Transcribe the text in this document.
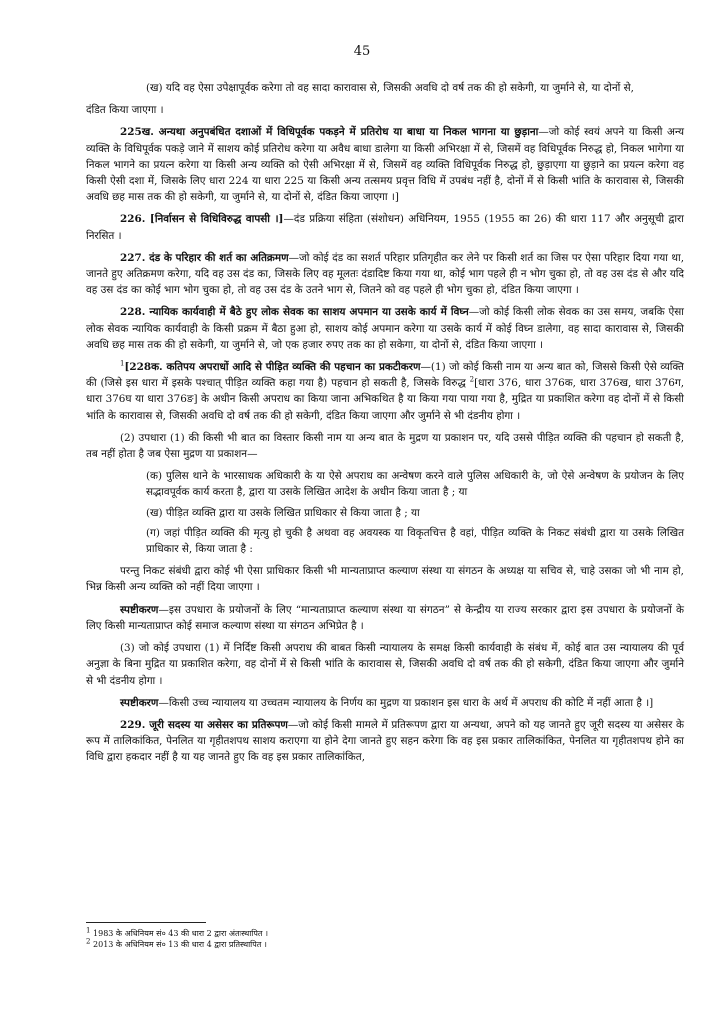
45

(ख) यदि वह ऐसा उपेक्षापूर्वक करेगा तो वह सादा कारावास से, जिसकी अवधि दो वर्ष तक की हो सकेगी, या जुर्माने से, या दोनों से,

दंडित किया जाएगा ।

225ख. अन्यथा अनुपबंधित दशाओं में विधिपूर्वक पकड़ने में प्रतिरोध या बाधा या निकल भागना या छुड़ाना—जो कोई स्वयं अपने या किसी अन्य व्यक्ति के विधिपूर्वक पकड़े जाने में साशय कोई प्रतिरोध करेगा या अवैध बाधा डालेगा या किसी अभिरक्षा में से, जिसमें वह विधिपूर्वक निरुद्ध हो, निकल भागेगा या निकल भागने का प्रयत्न करेगा या किसी अन्य व्यक्ति को ऐसी अभिरक्षा में से, जिसमें वह व्यक्ति विधिपूर्वक निरुद्ध हो, छुड़ाएगा या छुड़ाने का प्रयत्न करेगा वह किसी ऐसी दशा में, जिसके लिए धारा 224 या धारा 225 या किसी अन्य तत्समय प्रवृत्त विधि में उपबंध नहीं है, दोनों में से किसी भांति के कारावास से, जिसकी अवधि छह मास तक की हो सकेगी, या जुर्माने से, या दोनों से, दंडित किया जाएगा ।]

226. [निर्वासन से विधिविरुद्ध वापसी ।]—दंड प्रक्रिया संहिता (संशोधन) अधिनियम, 1955 (1955 का 26) की धारा 117 और अनुसूची द्वारा निरसित ।

227. दंड के परिहार की शर्त का अतिक्रमण—जो कोई दंड का सशर्त परिहार प्रतिगृहीत कर लेने पर किसी शर्त का जिस पर ऐसा परिहार दिया गया था, जानते हुए अतिक्रमण करेगा, यदि वह उस दंड का, जिसके लिए वह मूलतः दंडादिष्ट किया गया था, कोई भाग पहले ही न भोग चुका हो, तो वह उस दंड से और यदि वह उस दंड का कोई भाग भोग चुका हो, तो वह उस दंड के उतने भाग से, जितने को वह पहले ही भोग चुका हो, दंडित किया जाएगा ।

228. न्यायिक कार्यवाही में बैठे हुए लोक सेवक का साशय अपमान या उसके कार्य में विघ्न—जो कोई किसी लोक सेवक का उस समय, जबकि ऐसा लोक सेवक न्यायिक कार्यवाही के किसी प्रक्रम में बैठा हुआ हो, साशय कोई अपमान करेगा या उसके कार्य में कोई विघ्न डालेगा, वह सादा कारावास से, जिसकी अवधि छह मास तक की हो सकेगी, या जुर्माने से, जो एक हजार रुपए तक का हो सकेगा, या दोनों से, दंडित किया जाएगा ।

$^1$[228क. कतिपय अपराधों आदि से पीड़ित व्यक्ति की पहचान का प्रकटीकरण—(1) जो कोई किसी नाम या अन्य बात को, जिससे किसी ऐसे व्यक्ति की (जिसे इस धारा में इसके पश्चात् पीड़ित व्यक्ति कहा गया है) पहचान हो सकती है, जिसके विरुद्ध $^2$[धारा 376, धारा 376क, धारा 376ख, धारा 376ग, धारा 376घ या धारा 376ङ] के अधीन किसी अपराध का किया जाना अभिकथित है या किया गया पाया गया है, मुद्रित या प्रकाशित करेगा वह दोनों में से किसी भांति के कारावास से, जिसकी अवधि दो वर्ष तक की हो सकेगी, दंडित किया जाएगा और जुर्माने से भी दंडनीय होगा ।

(2) उपधारा (1) की किसी भी बात का विस्तार किसी नाम या अन्य बात के मुद्रण या प्रकाशन पर, यदि उससे पीड़ित व्यक्ति की पहचान हो सकती है, तब नहीं होता है जब ऐसा मुद्रण या प्रकाशन—

(क) पुलिस थाने के भारसाधक अधिकारी के या ऐसे अपराध का अन्वेषण करने वाले पुलिस अधिकारी के, जो ऐसे अन्वेषण के प्रयोजन के लिए सद्भावपूर्वक कार्य करता है, द्वारा या उसके लिखित आदेश के अधीन किया जाता है ; या

(ख) पीड़ित व्यक्ति द्वारा या उसके लिखित प्राधिकार से किया जाता है ; या

(ग) जहां पीड़ित व्यक्ति की मृत्यु हो चुकी है अथवा वह अवयस्क या विकृतचित्त है वहां, पीड़ित व्यक्ति के निकट संबंधी द्वारा या उसके लिखित प्राधिकार से, किया जाता है :

परन्तु निकट संबंधी द्वारा कोई भी ऐसा प्राधिकार किसी भी मान्यताप्राप्त कल्याण संस्था या संगठन के अध्यक्ष या सचिव से, चाहे उसका जो भी नाम हो, भिन्न किसी अन्य व्यक्ति को नहीं दिया जाएगा ।

स्पष्टीकरण—इस उपधारा के प्रयोजनों के लिए “मान्यताप्राप्त कल्याण संस्था या संगठन” से केन्द्रीय या राज्य सरकार द्वारा इस उपधारा के प्रयोजनों के लिए किसी मान्यताप्राप्त कोई समाज कल्याण संस्था या संगठन अभिप्रेत है ।

(3) जो कोई उपधारा (1) में निर्दिष्ट किसी अपराध की बाबत किसी न्यायालय के समक्ष किसी कार्यवाही के संबंध में, कोई बात उस न्यायालय की पूर्व अनुज्ञा के बिना मुद्रित या प्रकाशित करेगा, वह दोनों में से किसी भांति के कारावास से, जिसकी अवधि दो वर्ष तक की हो सकेगी, दंडित किया जाएगा और जुर्माने से भी दंडनीय होगा ।

स्पष्टीकरण—किसी उच्च न्यायालय या उच्चतम न्यायालय के निर्णय का मुद्रण या प्रकाशन इस धारा के अर्थ में अपराध की कोटि में नहीं आता है ।]

229. जूरी सदस्य या असेसर का प्रतिरूपण—जो कोई किसी मामले में प्रतिरूपण द्वारा या अन्यथा, अपने को यह जानते हुए जूरी सदस्य या असेसर के रूप में तालिकांकित, पेनलित या गृहीतशपथ साशय कराएगा या होने देगा जानते हुए सहन करेगा कि वह इस प्रकार तालिकांकित, पेनलित या गृहीतशपथ होने का विधि द्वारा हकदार नहीं है या यह जानते हुए कि वह इस प्रकार तालिकांकित,

$^1$ 1983 के अधिनियम सं० 43 की धारा 2 द्वारा अंतःस्थापित ।

$^2$ 2013 के अधिनियम सं० 13 की धारा 4 द्वारा प्रतिस्थापित ।
